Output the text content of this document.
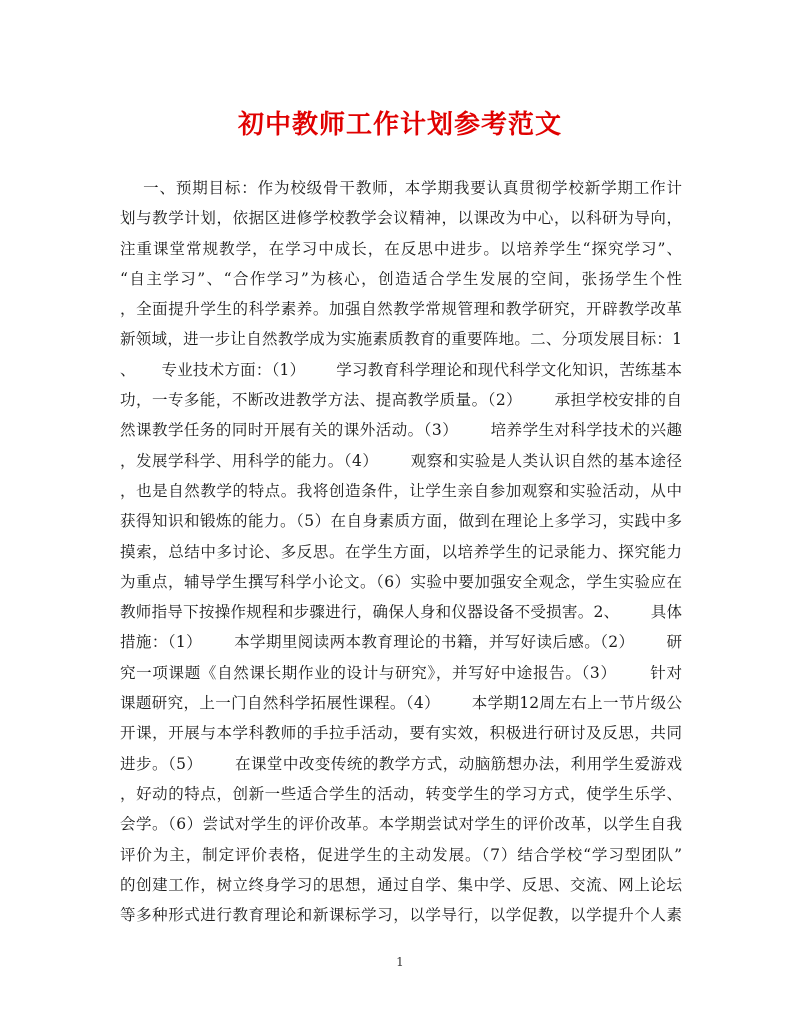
初中教师工作计划参考范文
一、预期目标：作为校级骨干教师，本学期我要认真贯彻学校新学期工作计
划与教学计划，依据区进修学校教学会议精神，以课改为中心，以科研为导向，
注重课堂常规教学，在学习中成长，在反思中进步。以培养学生“探究学习”、
“自主学习”、“合作学习”为核心，创造适合学生发展的空间，张扬学生个性
，全面提升学生的科学素养。加强自然教学常规管理和教学研究，开辟教学改革
新领域，进一步让自然教学成为实施素质教育的重要阵地。二、分项发展目标：1
、     专业技术方面：（1）      学习教育科学理论和现代科学文化知识，苦练基本
功，一专多能，不断改进教学方法、提高教学质量。（2）      承担学校安排的自
然课教学任务的同时开展有关的课外活动。（3）      培养学生对科学技术的兴趣
，发展学科学、用科学的能力。（4）      观察和实验是人类认识自然的基本途径
，也是自然教学的特点。我将创造条件，让学生亲自参加观察和实验活动，从中
获得知识和锻炼的能力。（5）在自身素质方面，做到在理论上多学习，实践中多
摸索，总结中多讨论、多反思。在学生方面，以培养学生的记录能力、探究能力
为重点，辅导学生撰写科学小论文。（6）实验中要加强安全观念，学生实验应在
教师指导下按操作规程和步骤进行，确保人身和仪器设备不受损害。2、      具体
措施：（1）      本学期里阅读两本教育理论的书籍，并写好读后感。（2）      研
究一项课题《自然课长期作业的设计与研究》，并写好中途报告。（3）      针对
课题研究，上一门自然科学拓展性课程。（4）      本学期12周左右上一节片级公
开课，开展与本学科教师的手拉手活动，要有实效，积极进行研讨及反思，共同
进步。（5）      在课堂中改变传统的教学方式，动脑筋想办法，利用学生爱游戏
，好动的特点，创新一些适合学生的活动，转变学生的学习方式，使学生乐学、
会学。（6）尝试对学生的评价改革。本学期尝试对学生的评价改革，以学生自我
评价为主，制定评价表格，促进学生的主动发展。（7）结合学校“学习型团队”
的创建工作，树立终身学习的思想，通过自学、集中学、反思、交流、网上论坛
等多种形式进行教育理论和新课标学习，以学导行，以学促教，以学提升个人素
1
